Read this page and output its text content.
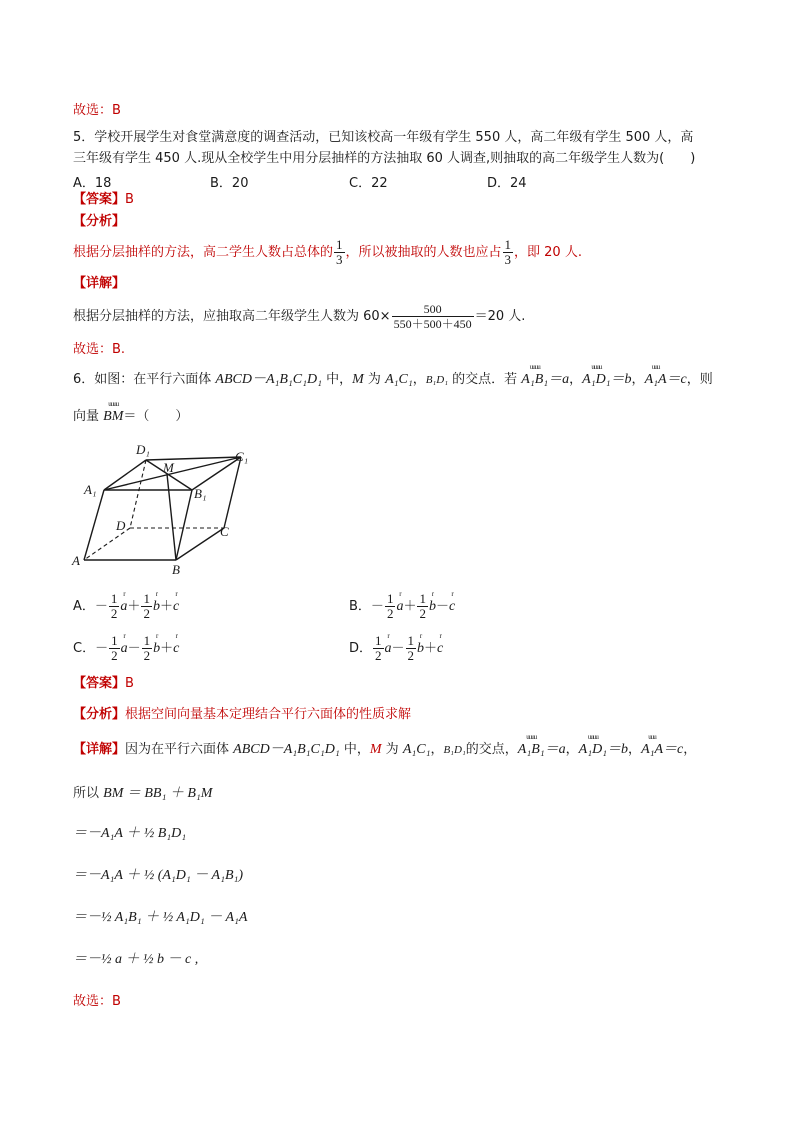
故选：B
5．学校开展学生对食堂满意度的调查活动，已知该校高一年级有学生 550 人，高二年级有学生 500 人，高
三年级有学生 450 人.现从全校学生中用分层抽样的方法抽取 60 人调查,则抽取的高二年级学生人数为(　　)
A．18	B．20	C．22	D．24
【答案】B
【分析】
根据分层抽样的方法，高二学生人数占总体的 $\frac{1}{3}$ ，所以被抽取的人数也应占 $\frac{1}{3}$ ，即 20 人.
【详解】
根据分层抽样的方法，应抽取高二年级学生人数为 $60\times \frac{500}{550+500+450} =20$ 人.
故选：B.
6．如图：在平行六面体 ABCD－A₁B₁C₁D₁ 中，M 为 A₁C₁，B₁D₁ 的交点．若
uuuu
A₁B₁＝a，
uuuu
A₁D₁＝b，
uuu
A₁A＝c，则
向量
uuuu
BM＝（　　）
D₁
M
C₁
A₁	B₁
D	C
A
B
A．－ $\frac{1}{2}$ r
$a+ \frac{1}{2}$ r
b＋
r
c	B．－ $\frac{1}{2}$ r
$a+ \frac{1}{2}$ r
b－
r
c
C．－ $\frac{1}{2}$ r
$a- \frac{1}{2}$ r
b＋
r
c	D． $\frac{1}{2}$ r
$a- \frac{1}{2}$ r
b＋
r
c
【答案】B
【分析】根据空间向量基本定理结合平行六面体的性质求解
【详解】因为在平行六面体 ABCD－A₁B₁C₁D₁ 中，M 为 A₁C₁，B₁D₁的交点，
uuuu
A₁B₁＝a，
uuuu
A₁D₁＝b，
uuu
A₁A＝c，
所以 BM ＝ BB₁ ＋ B₁M
＝－A₁A ＋ ½ B₁D₁
＝－A₁A ＋ ½ (A₁D₁ － A₁B₁)
＝－½ A₁B₁ ＋ ½ A₁D₁ － A₁A
＝－½ a ＋ ½ b － c ,
故选：B
